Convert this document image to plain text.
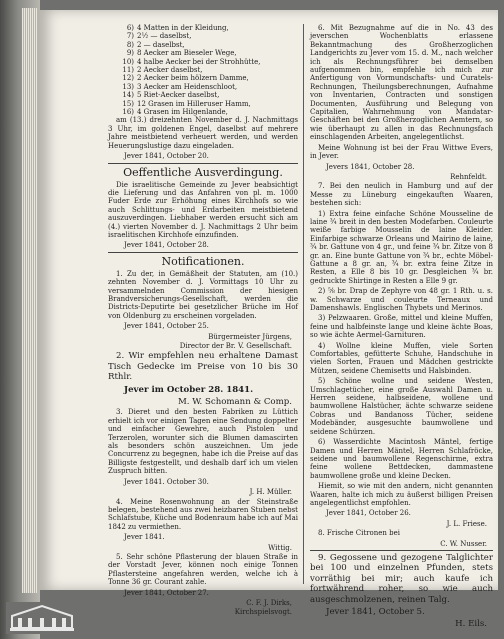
6) 4 Matten in der Kleidung,
7) 2½ — daselbst,
8) 2 — daselbst,
9) 8 Aecker am Bieseler Wege,
10) 4 halbe Aecker bei der Strohhütte,
11) 2 Aecker daselbst,
12) 2 Aecker beim hölzern Damme,
13) 3 Aecker am Heidenschloot,
14) 5 Riet-Aecker daselbst,
15) 12 Grasen im Hilleruser Hamm,
16) 4 Grasen im Hilgenlande,

am (13.) dreizehnten November d. J. Nachmittags 3 Uhr, im goldenen Engel, daselbst auf mehrere Jahre meistbietend verheuert werden, und werden Heuerungslustige dazu eingeladen.

Jever 1841, October 20.

Oeffentliche Ausverdingung.

Die israelitische Gemeinde zu Jever beabsichtigt die Lieferung und das Anfahren von pl. m. 1000 Fuder Erde zur Erhöhung eines Kirchhofs so wie auch Schlittungs- und Erdarbeiten meistbietend auszuverdingen. Liebhaber werden ersucht sich am (4.) vierten November d. J. Nachmittags 2 Uhr beim israelitischen Kirchhofe einzufinden.

Jever 1841, October 28.

Notificationen.

1. Zu der, in Gemäßheit der Statuten, am (10.) zehnten November d. J. Vormittags 10 Uhr zu versammelnden Commission der hiesigen Brandversicherungs-Gesellschaft, werden die Districts-Deputirte bei gesetzlicher Brüche im Hof von Oldenburg zu erscheinen vorgeladen.

Jever 1841, October 25.

Bürgermeister Jürgens,
Director der Br. V. Gesellschaft.

2. Wir empfehlen neu erhaltene Damast Tisch Gedecke im Preise von 10 bis 30 Rthlr.

Jever im October 28. 1841.

M. W. Schomann & Comp.

3. Dieret und den besten Fabriken zu Lüttich erhielt ich vor einigen Tagen eine Sendung doppelter und einfacher Gewehre, auch Pistolen und Terzerolen, worunter sich die Blumen damascirten als besonders schön auszeichnen. Um jede Concurrenz zu begegnen, habe ich die Preise auf das Billigste festgestellt, und deshalb darf ich um vielen Zuspruch bitten.

Jever 1841. October 30.

J. H. Müller.

4. Meine Rosenwohnung an der Steinstraße belegen, bestehend aus zwei heizbaren Stuben nebst Schlafstube, Küche und Bodenraum habe ich auf Mai 1842 zu vermiethen.

Jever 1841.

Wittig.

5. Sehr schöne Pflasterung der blauen Straße in der Vorstadt Jever, können noch einige Tonnen Pflastersteine angefahren werden, welche ich à Tonne 36 gr. Courant zahle.

Jever 1841, October 27.

C. F. J. Dirks,
Kirchspielsvogt.

6. Mit Bezugnahme auf die in No. 43 des jeverschen Wochenblatts erlassene Bekanntmachung des Großherzoglichen Landgerichts zu Jever vom 15. d. M., nach welcher ich als Rechnungsführer bei demselben aufgenommen bin, empfehle ich mich zur Anfertigung von Vormundschafts- und Curatels-Rechnungen, Theilungsberechnungen, Aufnahme von Inventarien, Contracten und sonstigen Documenten, Ausführung und Belegung von Capitalien, Wahrnehmung von Mandatar-Geschäften bei den Großherzoglichen Aemtern, so wie überhaupt zu allen in das Rechnungsfach einschlagenden Arbeiten, angelegentlichst.

Meine Wohnung ist bei der Frau Wittwe Evers, in Jever.

Jevers 1841, October 28.

Rehnfeldt.

7. Bei den neulich in Hamburg und auf der Messe zu Lüneburg eingekauften Waaren, bestehen sich:

1) Extra feine einfache Schöne Mousseline de laine ¾ breit in den besten Modefarben. Couleurte weiße farbige Mousselin de laine Kleider. Einfarbige schwarze Orleans und Mairino de laine, ¾ br. Gattune von 4 gr., und feine ¾ br. Zitze von 8 gr. an. Eine bunte Gattune von ¾ br., echte Möbel-Gattune a 8 gr. an, ¾ br. extra feine Zitze in Resten, a Elle 8 bis 10 gr. Desgleichen ¾ br. gedruckte Shirtinge in Resten a Elle 9 gr.

2) ⅝ br. Drap de Zephyre von 48 gr. 1 Rth. u. s. w. Schwarze und couleurte Terneaux und Damenshawls. Englischen Thybets und Merinos.

3) Pelzwaaren. Große, mittel und kleine Muffen, feine und halbfeinste lange und kleine ächte Boas, so wie ächte Aermel-Garnituren.

4) Wollne kleine Muffen, viele Sorten Comfortables, gefütterte Schuhe, Handschuhe in vielen Sorten, Frauen und Mädchen gestrickte Mützen, seidene Chemisetts und Halsbinden.

5) Schöne wollne und seidene Westen, Umschlagetücher, eine große Auswahl Damen u. Herren seidene, halbseidene, wollene und baumwollene Halstücher, ächte schwarze seidene Cobras und Bandanoss Tücher, seidene Modebänder, ausgesuchte baumwollene und seidene Schürzen.

6) Wasserdichte Macintosh Mäntel, fertige Damen und Herren Mäntel, Herren Schlafröcke, seidene und baumwollene Regenschirme, extra feine wollene Bettdecken, dammastene baumwollene große und kleine Decken.

Hiemit, so wie mit den andern, nicht genannten Waaren, halte ich mich zu äußerst billigen Preisen angelegentlichst empfohlen.

Jever 1841, October 26.

J. L. Friese.

8. Frische Citronen bei

C. W. Nusser.

9. Gegossene und gezogene Talglichter bei 100 und einzelnen Pfunden, stets vorräthig bei mir; auch kaufe ich fortwährend roher, so wie auch ausgeschmolzenen, reinen Talg.

Jever 1841, October 5.

H. Eils.
